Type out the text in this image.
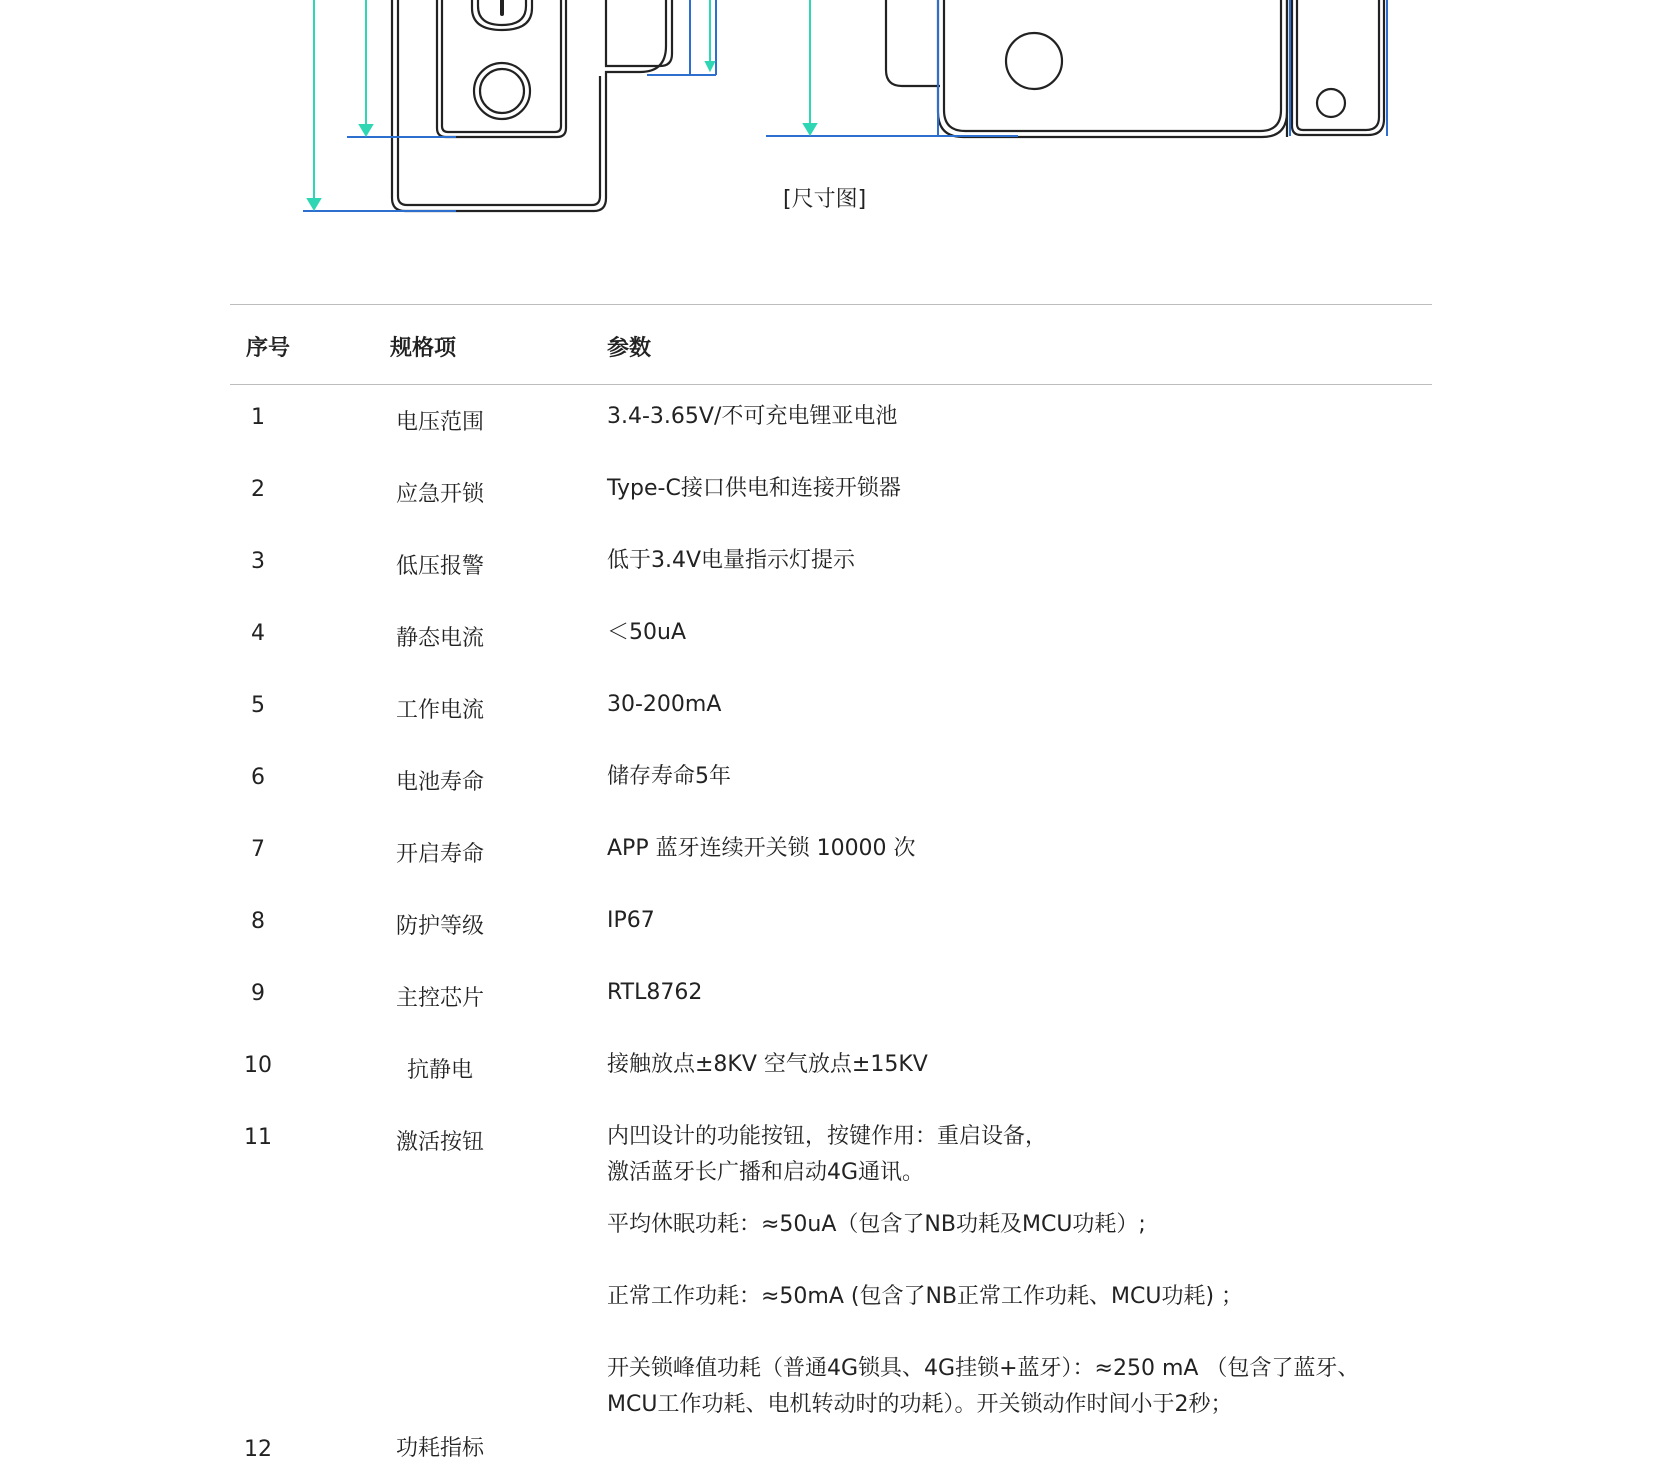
[尺寸图]
序号	规格项	参数
1	电压范围	3.4-3.65V/不可充电锂亚电池
2	应急开锁	Type-C接口供电和连接开锁器
3	低压报警	低于3.4V电量指示灯提示
4	静态电流	＜50uA
5	工作电流	30-200mA
6	电池寿命	储存寿命5年
7	开启寿命	APP 蓝牙连续开关锁 10000 次
8	防护等级	IP67
9	主控芯片	RTL8762
10	抗静电	接触放点±8KV 空气放点±15KV
11	激活按钮	内凹设计的功能按钮，按键作用：重启设备，
激活蓝牙长广播和启动4G通讯。
12	功耗指标
平均休眠功耗：≈50uA（包含了NB功耗及MCU功耗）;
正常工作功耗：≈50mA (包含了NB正常工作功耗、MCU功耗) ；
开关锁峰值功耗（普通4G锁具、4G挂锁+蓝牙）：≈250 mA （包含了蓝牙、
MCU工作功耗、电机转动时的功耗）。开关锁动作时间小于2秒；
